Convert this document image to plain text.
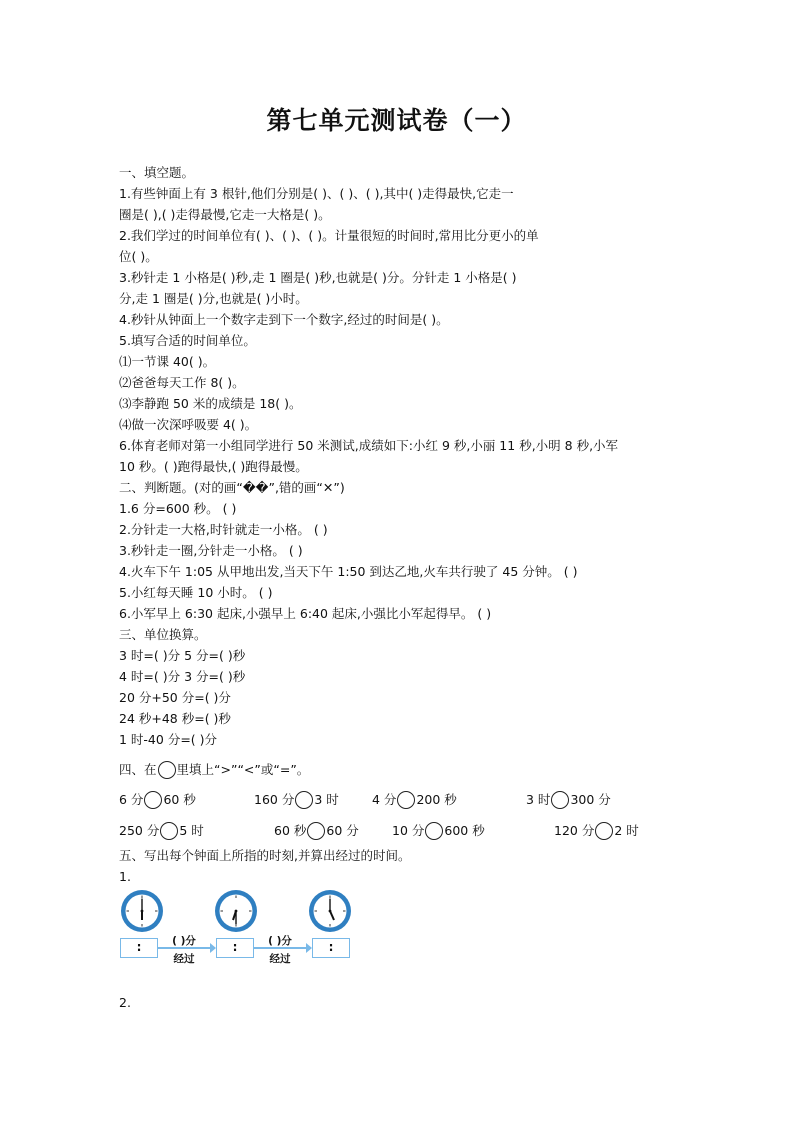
第七单元测试卷（一）
一、填空题。
1.有些钟面上有 3 根针,他们分别是( )、( )、( ),其中( )走得最快,它走一
圈是( ),( )走得最慢,它走一大格是( )。
2.我们学过的时间单位有( )、( )、( )。计量很短的时间时,常用比分更小的单
位( )。
3.秒针走 1 小格是( )秒,走 1 圈是( )秒,也就是( )分。分针走 1 小格是( )
分,走 1 圈是( )分,也就是( )小时。
4.秒针从钟面上一个数字走到下一个数字,经过的时间是( )。
5.填写合适的时间单位。
⑴一节课 40( )。
⑵爸爸每天工作 8( )。
⑶李静跑 50 米的成绩是 18( )。
⑷做一次深呼吸要 4( )。
6.体育老师对第一小组同学进行 50 米测试,成绩如下:小红 9 秒,小丽 11 秒,小明 8 秒,小军
10 秒。( )跑得最快,( )跑得最慢。
二、判断题。(对的画“��”,错的画“✕”)
1.6 分=600 秒。 ( )
2.分针走一大格,时针就走一小格。 ( )
3.秒针走一圈,分针走一小格。 ( )
4.火车下午 1:05 从甲地出发,当天下午 1:50 到达乙地,火车共行驶了 45 分钟。 ( )
5.小红每天睡 10 小时。 ( )
6.小军早上 6:30 起床,小强早上 6:40 起床,小强比小军起得早。 ( )
三、单位换算。
3 时=( )分 5 分=( )秒
4 时=( )分 3 分=( )秒
20 分+50 分=( )分
24 秒+48 秒=( )秒
1 时-40 分=( )分
四、在 里填上“>”“<”或“=”。
6 分 60 秒	160 分 3 时	4 分 200 秒	3 时 300 分
250 分 5 时	60 秒 60 分	10 分 600 秒	120 分 2 时
五、写出每个钟面上所指的时刻,并算出经过的时间。
1.
:	:	:
( )分
经过
( )分
经过
2.
